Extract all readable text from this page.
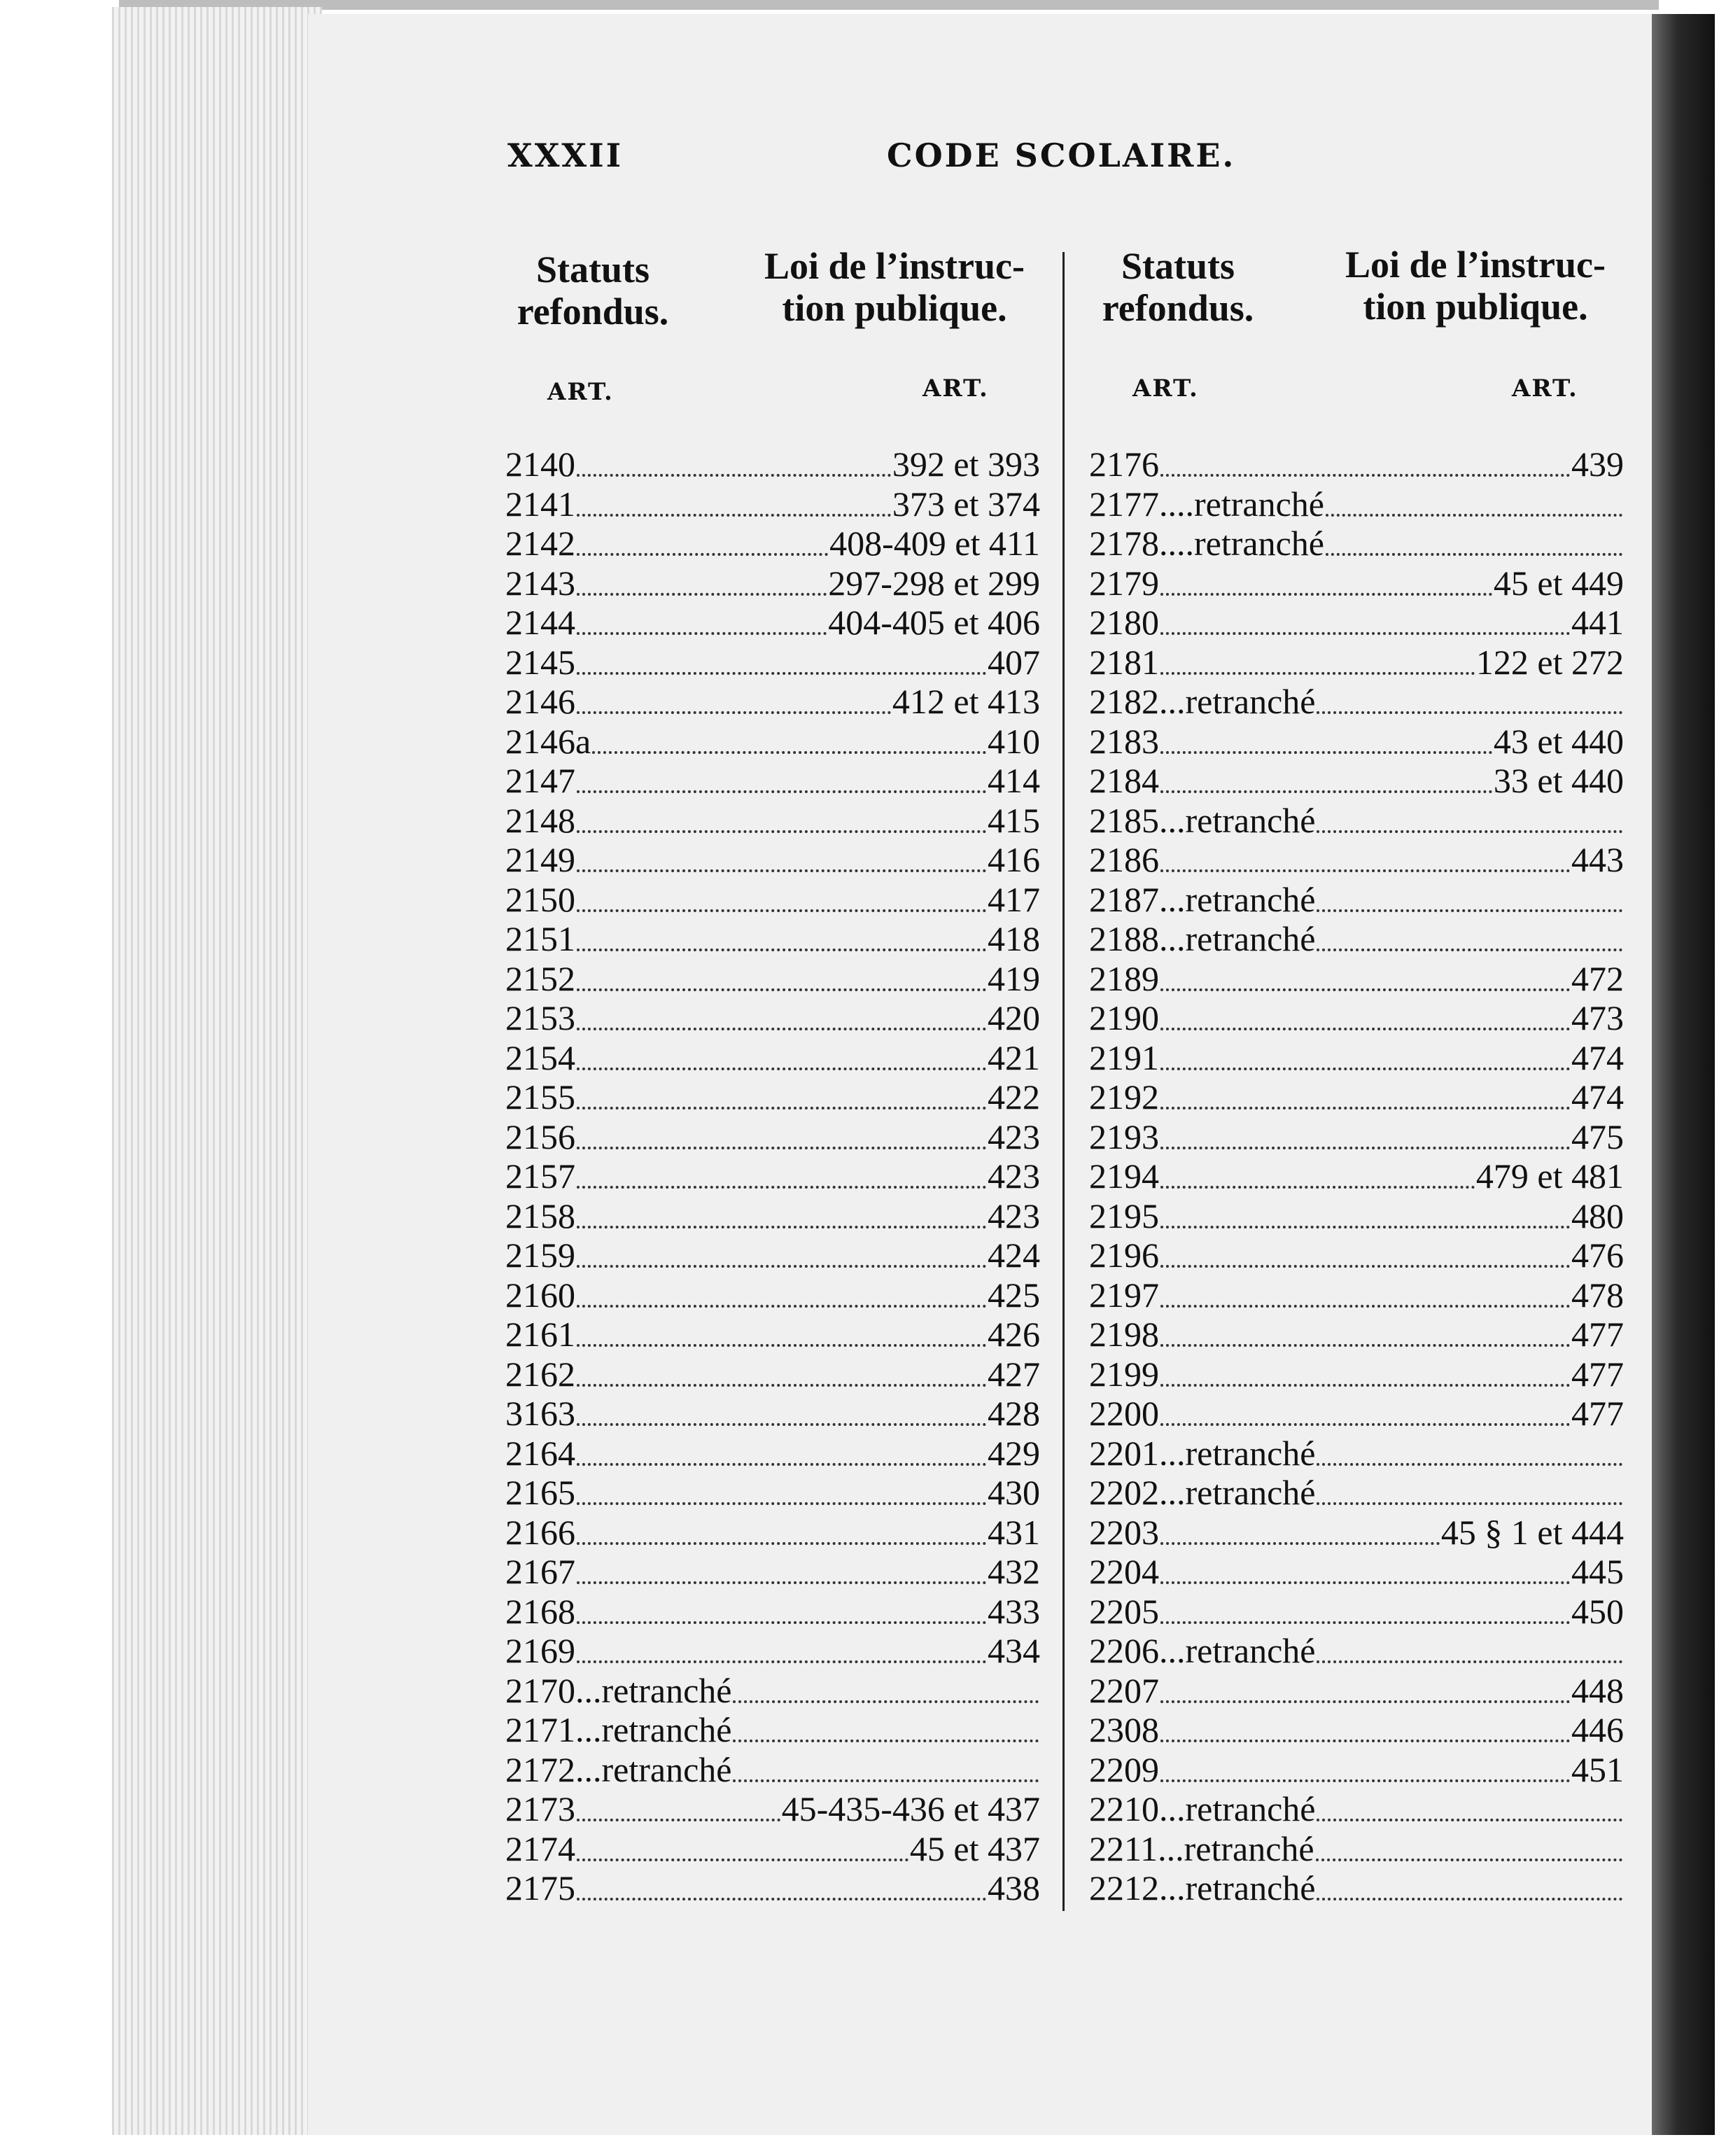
XXXII	CODE SCOLAIRE.
Statuts
refondus.
Loi de l’instruc-
tion publique.
ART.	ART.
Statuts
refondus.
Loi de l’instruc-
tion publique.
ART.	ART.
2140	392 et 393
2141	373 et 374
2142	408-409 et 411
2143	297-298 et 299
2144	404-405 et 406
2145	407
2146	412 et 413
2146a	410
2147	414
2148	415
2149	416
2150	417
2151	418
2152	419
2153	420
2154	421
2155	422
2156	423
2157	423
2158	423
2159	424
2160	425
2161	426
2162	427
3163	428
2164	429
2165	430
2166	431
2167	432
2168	433
2169	434
2170...retranché
2171...retranché
2172...retranché
2173	45-435-436 et 437
2174	45 et 437
2175	438
2176	439
2177....retranché
2178....retranché
2179	45 et 449
2180	441
2181	122 et 272
2182...retranché
2183	43 et 440
2184	33 et 440
2185...retranché
2186	443
2187...retranché
2188...retranché
2189	472
2190	473
2191	474
2192	474
2193	475
2194	479 et 481
2195	480
2196	476
2197	478
2198	477
2199	477
2200	477
2201...retranché
2202...retranché
2203	45 § 1 et 444
2204	445
2205	450
2206...retranché
2207	448
2308	446
2209	451
2210...retranché
2211...retranché
2212...retranché
